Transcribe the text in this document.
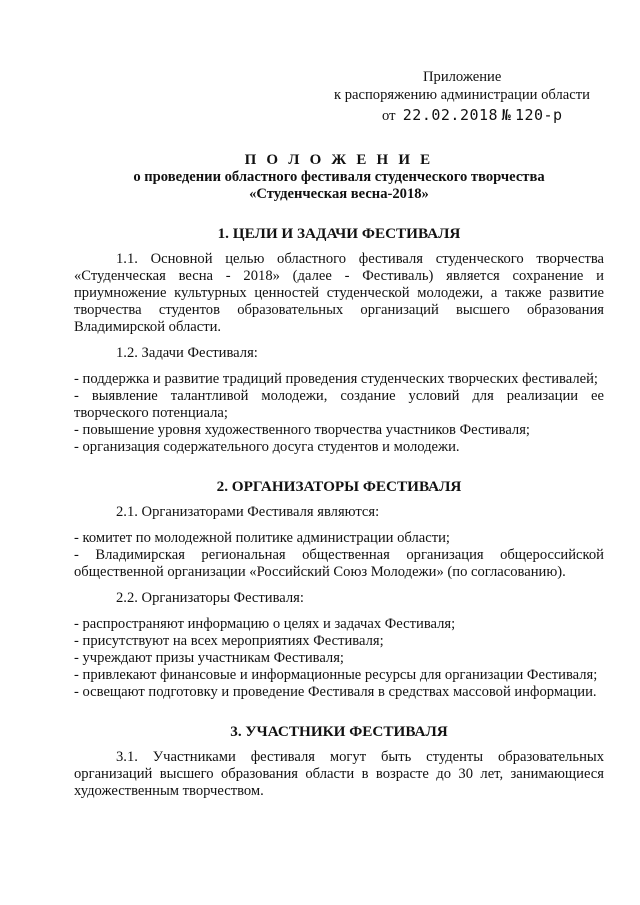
Приложение
к распоряжению администрации области
от 22.02.2018 № 120-р

П О Л О Ж Е Н И Е

о проведении областного фестиваля студенческого творчества

«Студенческая весна-2018»

1. ЦЕЛИ И ЗАДАЧИ ФЕСТИВАЛЯ

1.1. Основной целью областного фестиваля студенческого творчества «Студенческая весна - 2018» (далее - Фестиваль) является сохранение и приумножение культурных ценностей студенческой молодежи, а также развитие творчества студентов образовательных организаций высшего образования Владимирской области.

1.2. Задачи Фестиваля:

- поддержка и развитие традиций проведения студенческих творческих фестивалей;

- выявление талантливой молодежи, создание условий для реализации ее творческого потенциала;

- повышение уровня художественного творчества участников Фестиваля;

- организация содержательного досуга студентов и молодежи.

2. ОРГАНИЗАТОРЫ ФЕСТИВАЛЯ

2.1. Организаторами Фестиваля являются:

- комитет по молодежной политике администрации области;

- Владимирская региональная общественная организация общероссийской общественной организации «Российский Союз Молодежи» (по согласованию).

2.2. Организаторы Фестиваля:

- распространяют информацию о целях и задачах Фестиваля;

- присутствуют на всех мероприятиях Фестиваля;

- учреждают призы участникам Фестиваля;

- привлекают финансовые и информационные ресурсы для организации Фестиваля;

- освещают подготовку и проведение Фестиваля в средствах массовой информации.

3. УЧАСТНИКИ ФЕСТИВАЛЯ

3.1. Участниками фестиваля могут быть студенты образовательных организаций высшего образования области в возрасте до 30 лет, занимающиеся художественным творчеством.
